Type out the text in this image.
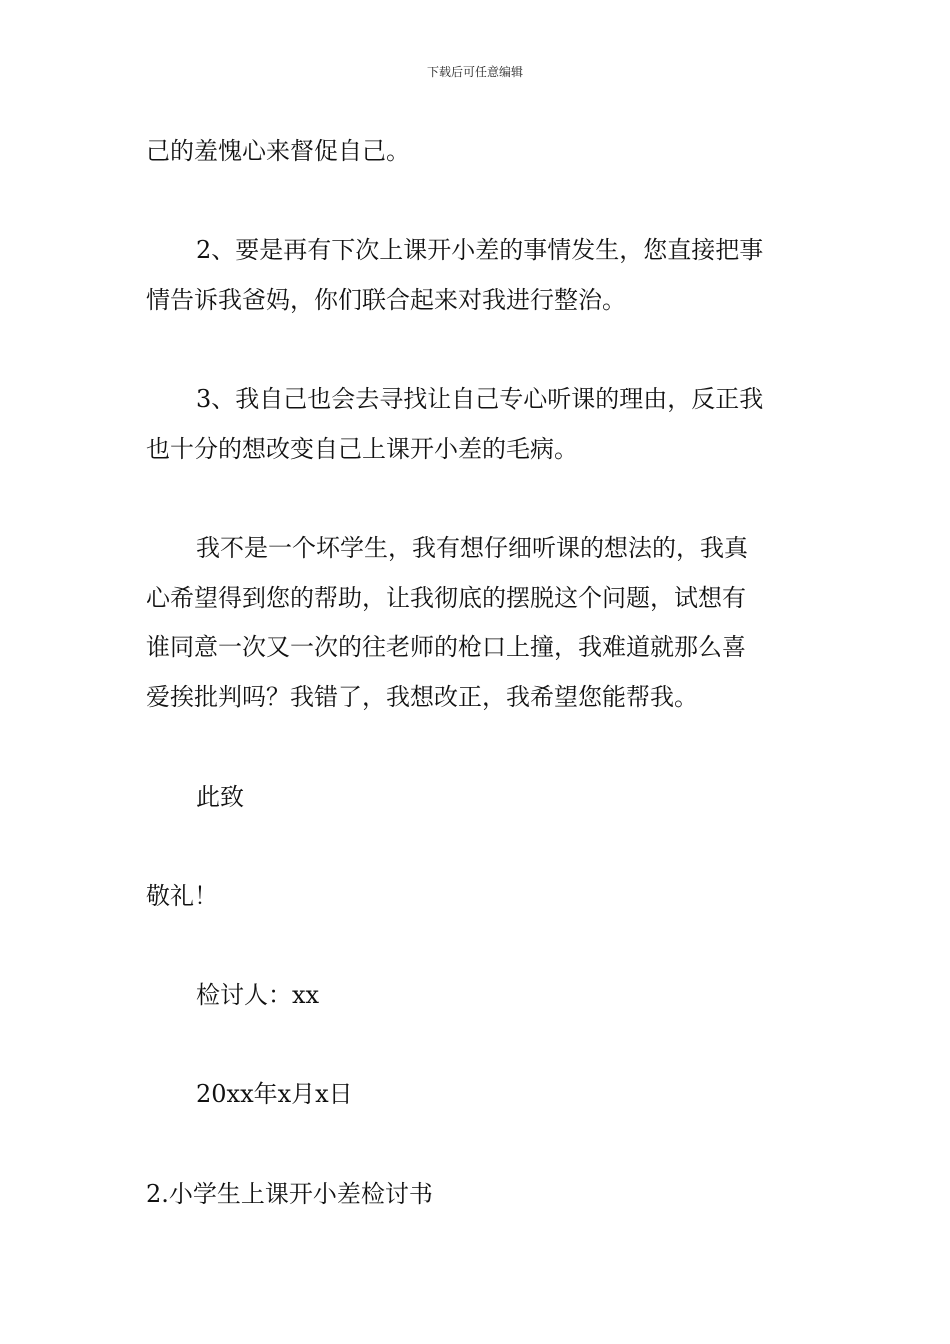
下载后可任意编辑
己的羞愧心来督促自己。
2、要是再有下次上课开小差的事情发生，您直接把事
情告诉我爸妈，你们联合起来对我进行整治。
3、我自己也会去寻找让自己专心听课的理由，反正我
也十分的想改变自己上课开小差的毛病。
我不是一个坏学生，我有想仔细听课的想法的，我真
心希望得到您的帮助，让我彻底的摆脱这个问题，试想有
谁同意一次又一次的往老师的枪口上撞，我难道就那么喜
爱挨批判吗？我错了，我想改正，我希望您能帮我。
此致
敬礼！
检讨人：xx
20xx年x月x日
2.小学生上课开小差检讨书
